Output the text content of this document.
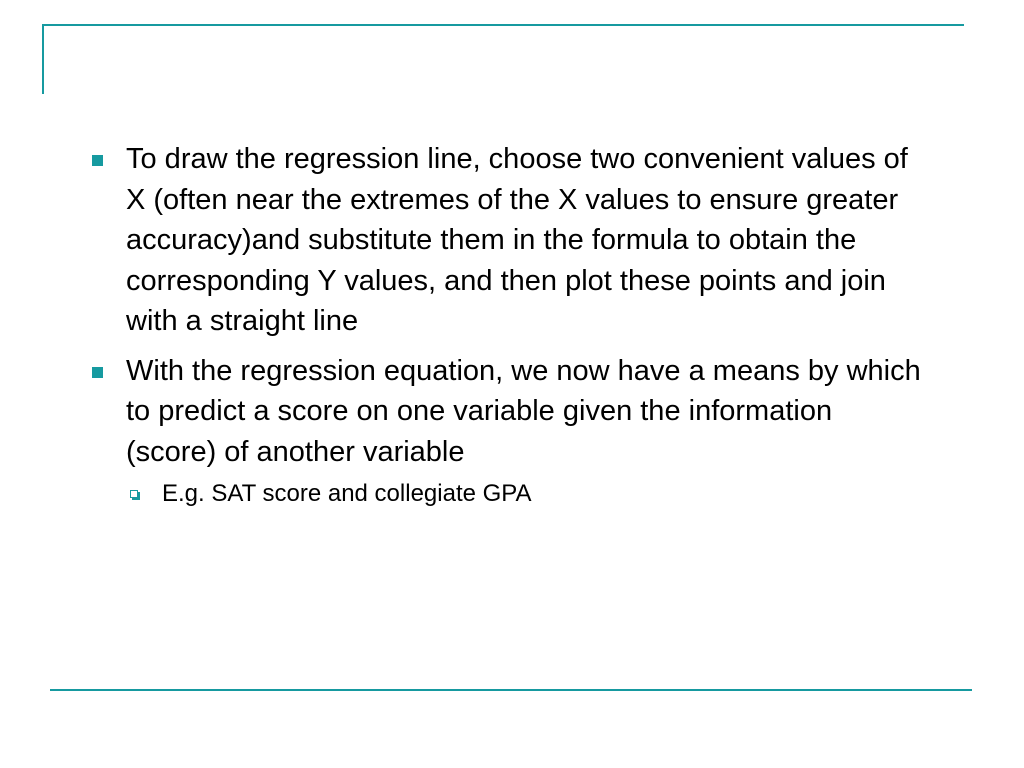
To draw the regression line, choose two convenient values of X (often near the extremes of the X values to ensure greater accuracy)and substitute them in the formula to obtain the corresponding Y values, and then plot these points and join with a straight line
With the regression equation, we now have a means by which to predict a score on one variable given the information (score) of another variable
E.g. SAT score and collegiate GPA
